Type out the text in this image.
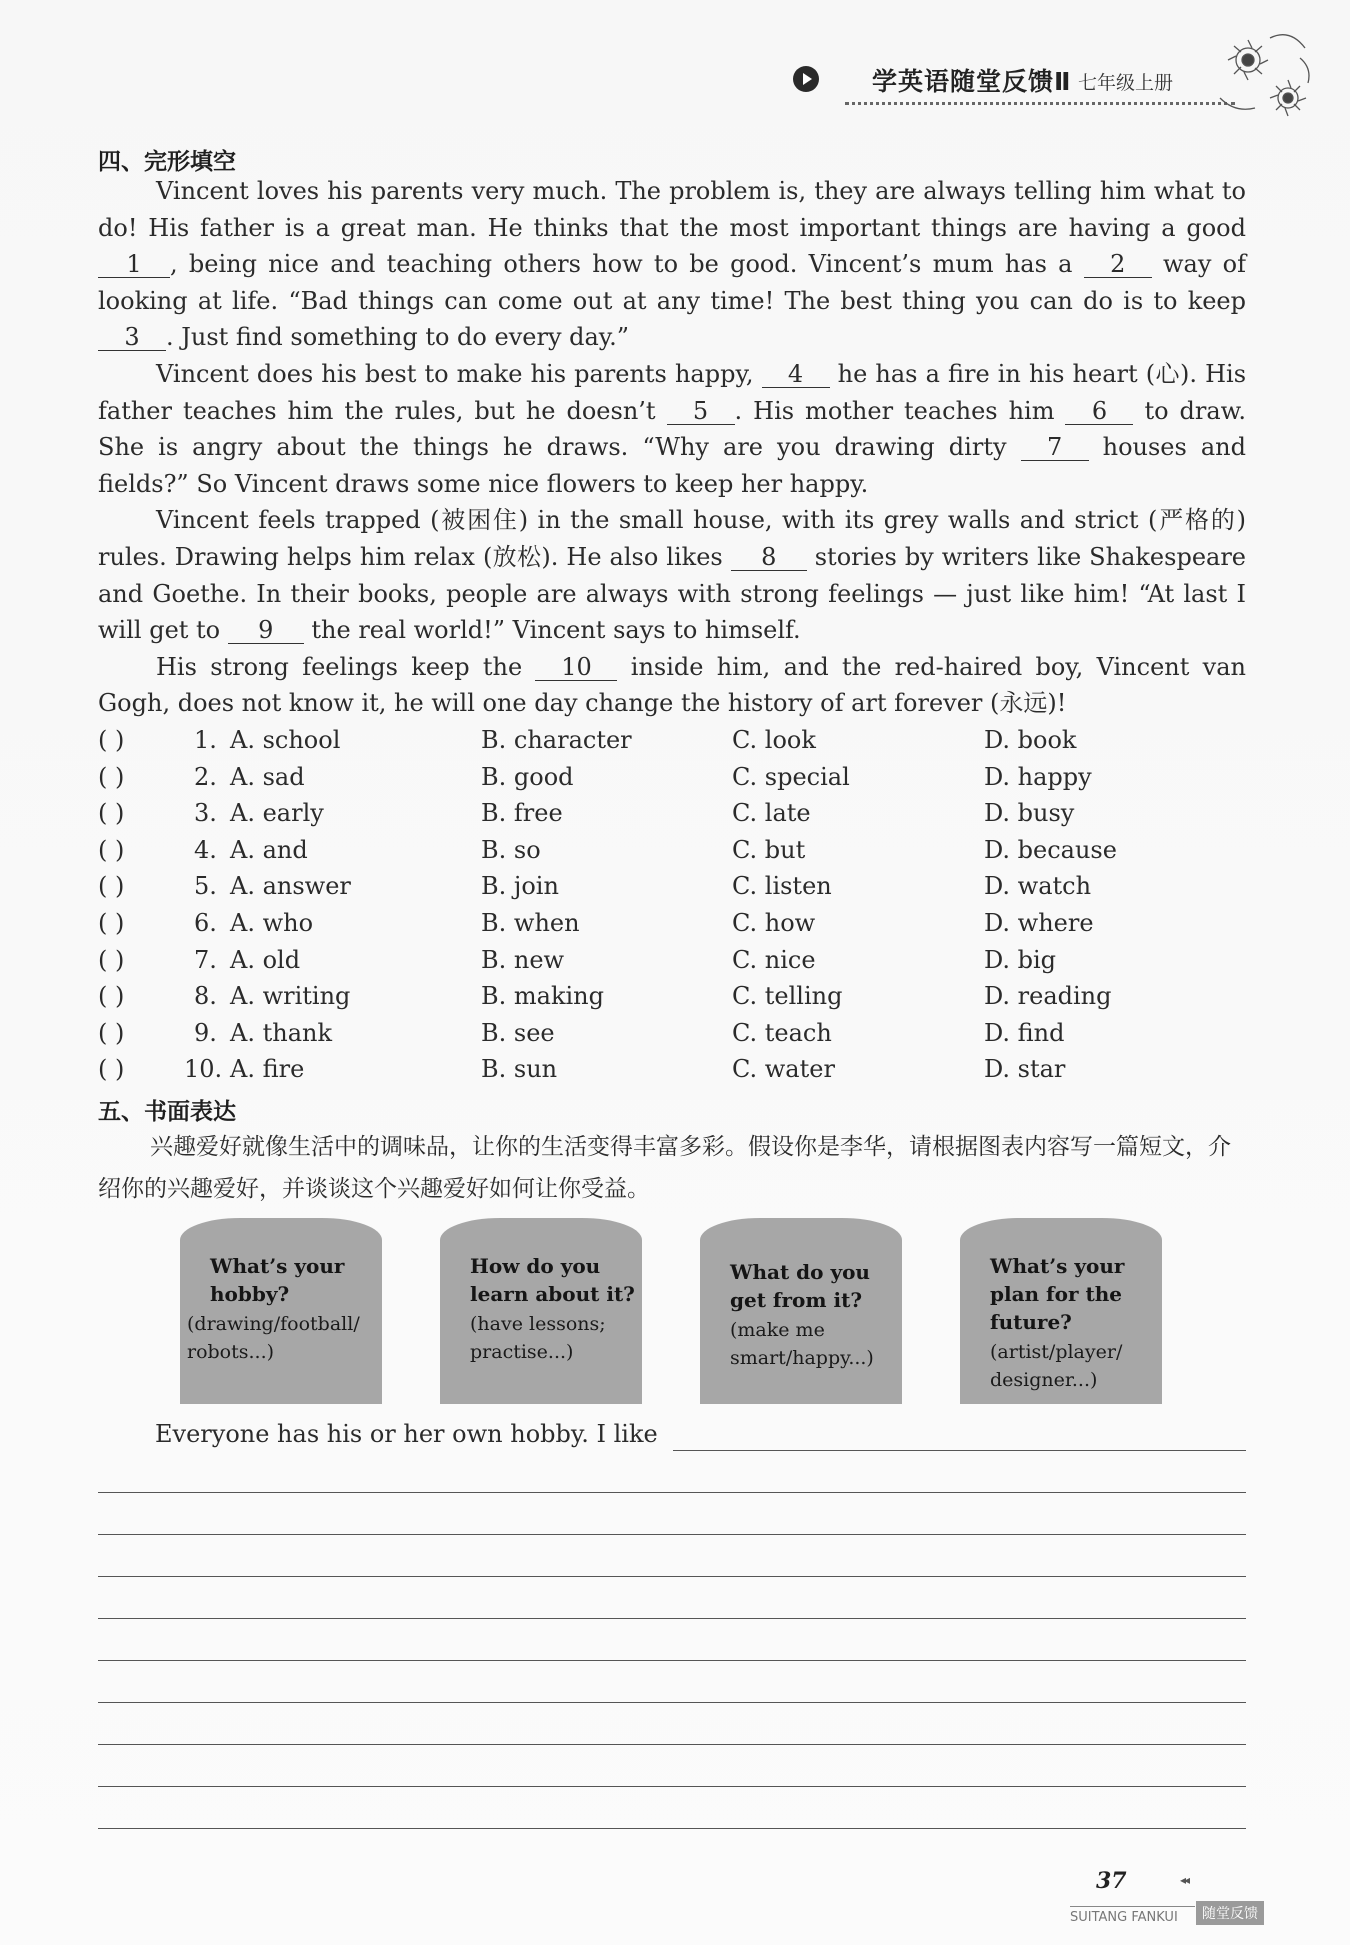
学英语随堂反馈Ⅱ 七年级上册
四、完形填空

Vincent loves his parents very much. The problem is, they are always telling him what to do! His father is a great man. He thinks that the most important things are having a good 1 , being nice and teaching others how to be good. Vincent’s mum has a 2 way of looking at life. “Bad things can come out at any time! The best thing you can do is to keep 3 . Just find something to do every day.”

Vincent does his best to make his parents happy, 4 he has a fire in his heart (心). His father teaches him the rules, but he doesn’t 5 . His mother teaches him 6 to draw. She is angry about the things he draws. “Why are you drawing dirty 7 houses and fields?” So Vincent draws some nice flowers to keep her happy.

Vincent feels trapped (被困住) in the small house, with its grey walls and strict (严格的) rules. Drawing helps him relax (放松). He also likes 8 stories by writers like Shakespeare and Goethe. In their books, people are always with strong feelings — just like him! “At last I will get to 9 the real world!” Vincent says to himself.

His strong feelings keep the 10 inside him, and the red-haired boy, Vincent van Gogh, does not know it, he will one day change the history of art forever (永远)!

( )	1. A. school	B. character	C. look	D. book
( )	2. A. sad	B. good	C. special	D. happy
( )	3. A. early	B. free	C. late	D. busy
( )	4. A. and	B. so	C. but	D. because
( )	5. A. answer	B. join	C. listen	D. watch
( )	6. A. who	B. when	C. how	D. where
( )	7. A. old	B. new	C. nice	D. big
( )	8. A. writing	B. making	C. telling	D. reading
( )	9. A. thank	B. see	C. teach	D. find
( ) 10. A. fire	B. sun	C. water	D. star
五、书面表达

兴趣爱好就像生活中的调味品，让你的生活变得丰富多彩。假设你是李华，请根据图表内容写一篇短文，介绍你的兴趣爱好，并谈谈这个兴趣爱好如何让你受益。

What’s your
hobby?
(drawing/football/
robots...)
How do you
learn about it?
(have lessons;
practise...)
What do you
get from it?
(make me
smart/happy...)
What’s your
plan for the
future?
(artist/player/
designer...)
Everyone has his or her own hobby. I like
37	◂◂
SUITANG FANKUI	随堂反馈
